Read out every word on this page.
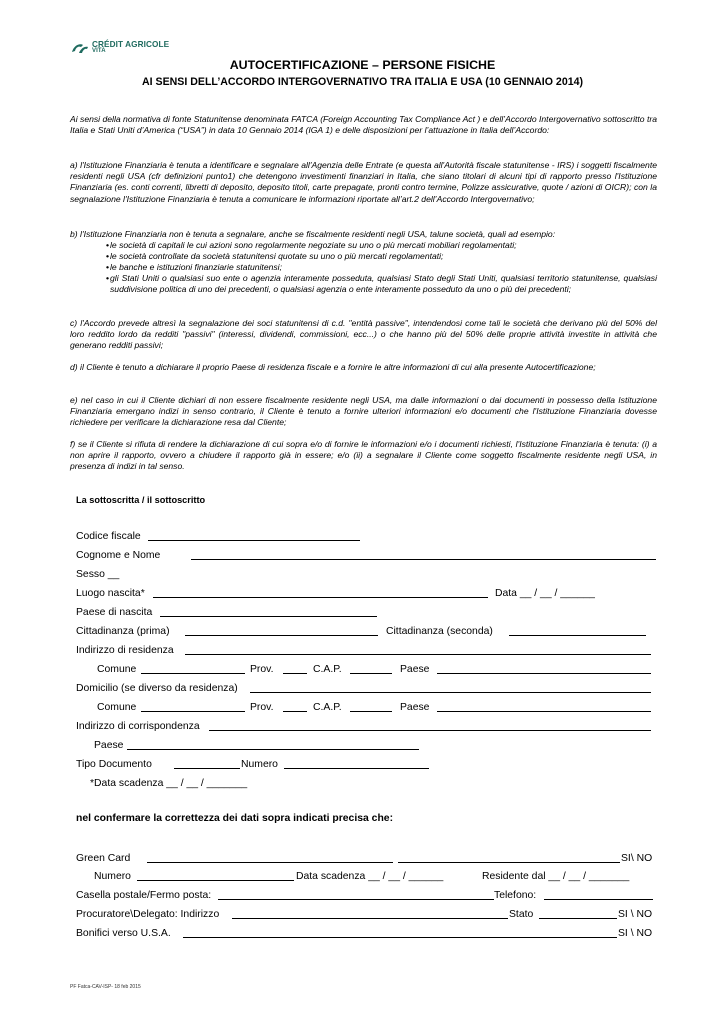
CRÉDIT AGRICOLE
VITA
AUTOCERTIFICAZIONE – PERSONE FISICHE
AI SENSI DELL’ACCORDO INTERGOVERNATIVO TRA ITALIA E USA (10 GENNAIO 2014)
Ai sensi della normativa di fonte Statunitense denominata FATCA (Foreign Accounting Tax Compliance Act ) e dell’Accordo Intergovernativo sottoscritto tra Italia e Stati Uniti d’America (“USA”) in data 10 Gennaio 2014 (IGA 1) e delle disposizioni per l’attuazione in Italia dell’Accordo:
a) l'Istituzione Finanziaria è tenuta a identificare e segnalare all'Agenzia delle Entrate (e questa all'Autorità fiscale statunitense - IRS) i soggetti fiscalmente residenti negli USA (cfr definizioni punto1) che detengono investimenti finanziari in Italia, che siano titolari di alcuni tipi di rapporto presso l'Istituzione Finanziaria (es. conti correnti, libretti di deposito, deposito titoli, carte prepagate, pronti contro termine, Polizze assicurative, quote / azioni di OICR); con la segnalazione l'Istituzione Finanziaria è tenuta a comunicare le informazioni riportate all’art.2 dell’Accordo Intergovernativo;
b) l'Istituzione Finanziaria non è tenuta a segnalare, anche se fiscalmente residenti negli USA, talune società, quali ad esempio:
• le società di capitali le cui azioni sono regolarmente negoziate su uno o più mercati mobiliari regolamentati;
• le società controllate da società statunitensi quotate su uno o più mercati regolamentati;
• le banche e istituzioni finanziarie statunitensi;
• gli Stati Uniti o qualsiasi suo ente o agenzia interamente posseduta, qualsiasi Stato degli Stati Uniti, qualsiasi territorio statunitense, qualsiasi suddivisione politica di uno dei precedenti, o qualsiasi agenzia o ente interamente posseduto da uno o più dei precedenti;
c) l'Accordo prevede altresì la segnalazione dei soci statunitensi di c.d. "entità passive", intendendosi come tali le società che derivano più del 50% del loro reddito lordo da redditi "passivi" (interessi, dividendi, commissioni, ecc...) o che hanno più del 50% delle proprie attività investite in attività che generano redditi passivi;
d) il Cliente è tenuto a dichiarare il proprio Paese di residenza fiscale e a fornire le altre informazioni di cui alla presente Autocertificazione;
e) nel caso in cui il Cliente dichiari di non essere fiscalmente residente negli USA, ma dalle informazioni o dai documenti in possesso della Istituzione Finanziaria emergano indizi in senso contrario, il Cliente è tenuto a fornire ulteriori informazioni e/o documenti che l'Istituzione Finanziaria dovesse richiedere per verificare la dichiarazione resa dal Cliente;
f) se il Cliente si rifiuta di rendere la dichiarazione di cui sopra e/o di fornire le informazioni e/o i documenti richiesti, l'Istituzione Finanziaria è tenuta: (i) a non aprire il rapporto, ovvero a chiudere il rapporto già in essere; e/o (ii) a segnalare il Cliente come soggetto fiscalmente residente negli USA, in presenza di indizi in tal senso.
La sottoscritta / il sottoscritto
Codice fiscale
Cognome e Nome
Sesso __
Luogo nascita*	Data __ / __ / ______
Paese di nascita
Cittadinanza (prima)	Cittadinanza (seconda)
Indirizzo di residenza
Comune	Prov.	C.A.P.	Paese
Domicilio (se diverso da residenza)
Comune	Prov.	C.A.P.	Paese
Indirizzo di corrispondenza
Paese
Tipo Documento	Numero
*Data scadenza __ / __ / _______
nel confermare la correttezza dei dati sopra indicati precisa che:
Green Card	SI\ NO
Numero	Data scadenza __ / __ / ______	Residente dal __ / __ / _______
Casella postale/Fermo posta:	Telefono:
Procuratore\Delegato: Indirizzo	Stato	SI \ NO
Bonifici verso U.S.A.	SI \ NO
PF Fatca-CAV-ISP- 18 feb 2015
